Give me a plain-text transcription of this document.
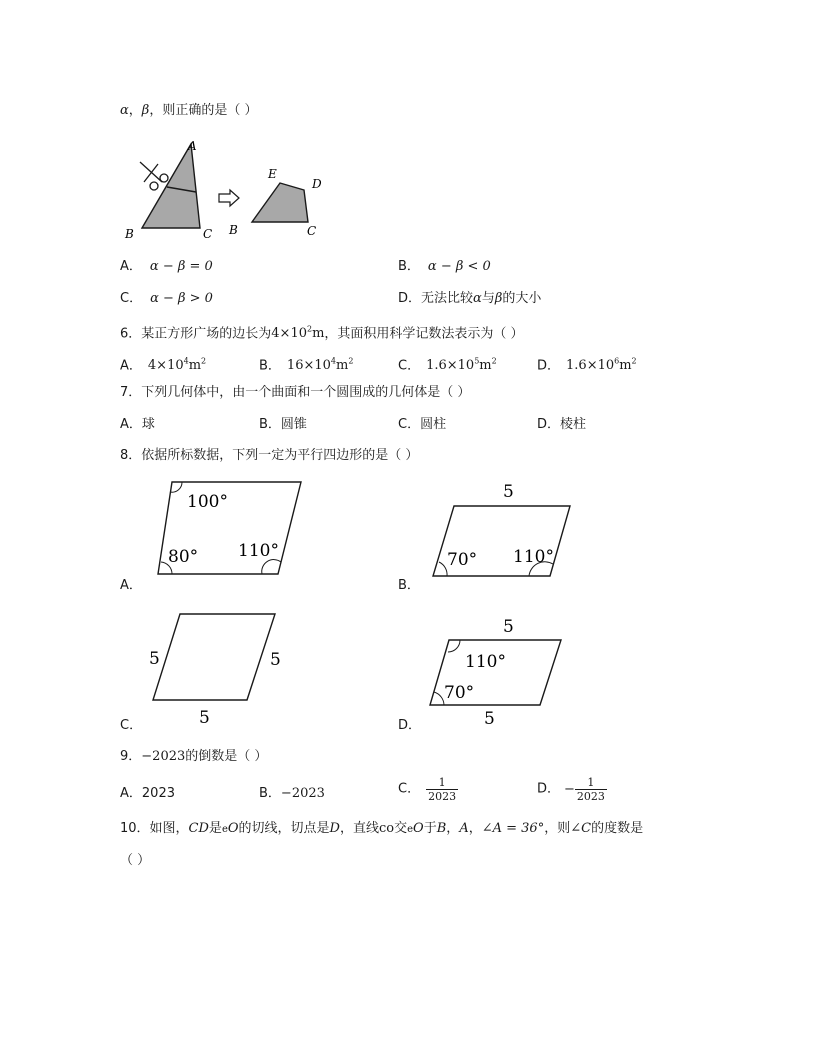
α，β，则正确的是（ ）
A
B	C
E
D
B	C
A． α − β = 0	B． α − β < 0
C． α − β > 0	D．无法比较α与β的大小
6．某正方形广场的边长为$4\times 10^2m$，其面积用科学记数法表示为（ ）
A． $4\times 10^4m^2$	B． $16\times 10^4m^2$	C． $1.6\times 10^5m^2$	D． $1.6\times 10^6m^2$
7．下列几何体中，由一个曲面和一个圆围成的几何体是（ ）
A．球	B．圆锥	C．圆柱	D．棱柱
8．依据所标数据，下列一定为平行四边形的是（ ）
100°
80° 110°
A．
5
70° 110°
B．
5	5
5
C．
5
110°
70°
5
D．
9．−2023的倒数是（ ）
A．2023	B．−2023	C． $\frac{1}{2023}$	D． − $\frac{1}{2023}$
10．如图，CD是eO的切线，切点是D，直线co交eO于B，A，∠A = 36°，则∠C的度数是
（ ）
